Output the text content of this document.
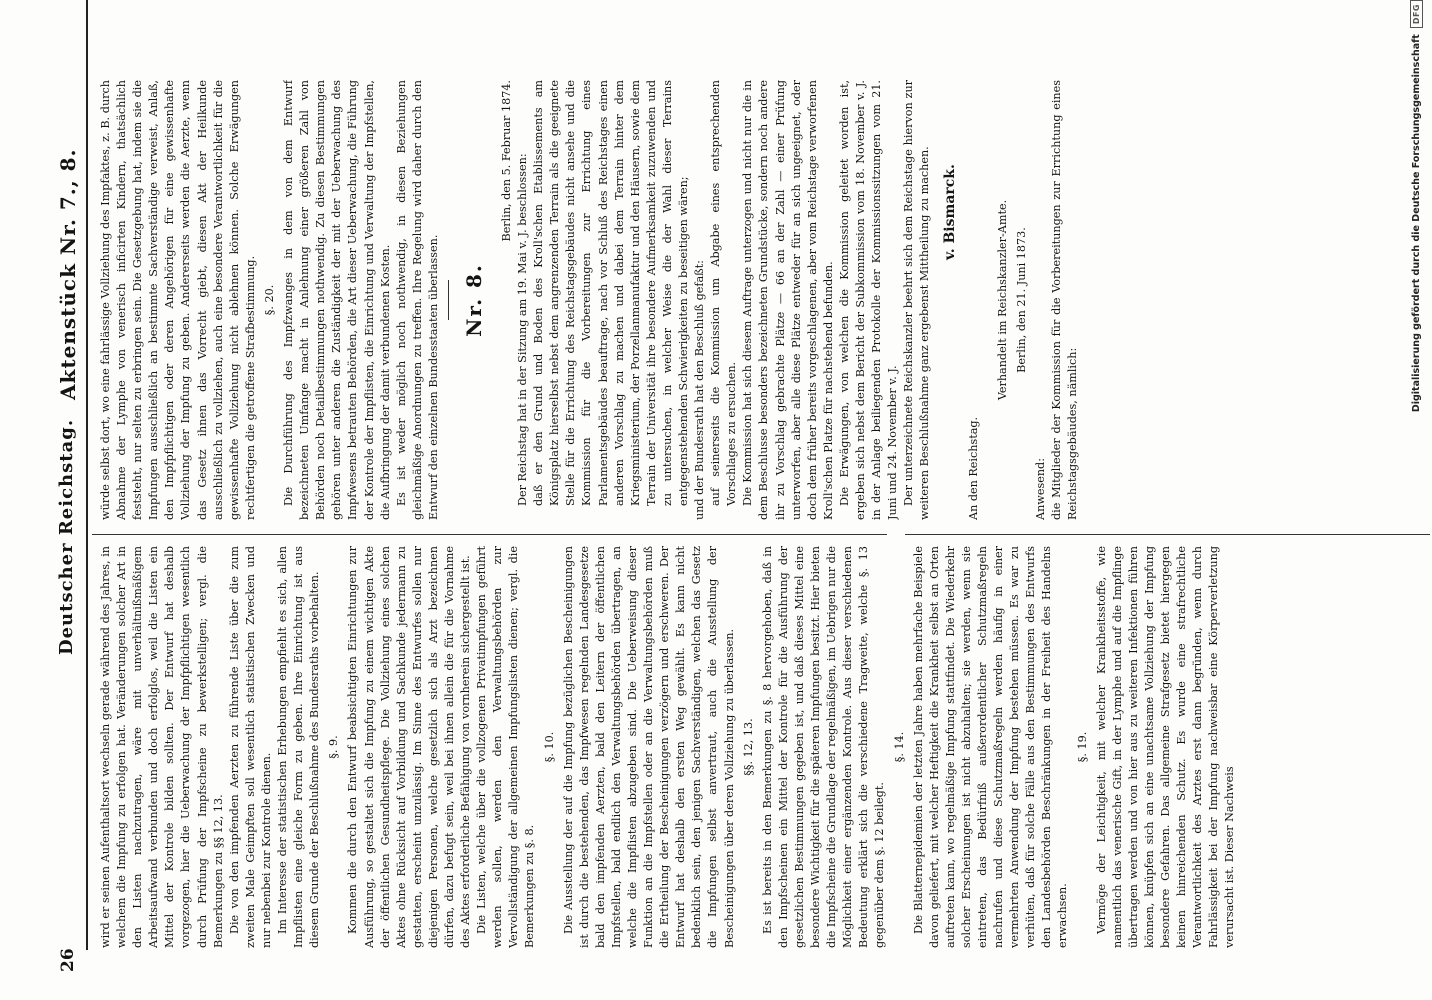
26
Deutscher Reichstag.
Aktenstück Nr. 7., 8.

wird er seinen Aufenthaltsort wechseln gerade während des Jahres, in welchem die Impfung zu erfolgen hat. Veränderungen solcher Art in den Listen nachzutragen, wäre mit unverhältnißmäßigem Arbeitsaufwand verbunden und doch erfolglos, weil die Listen ein Mittel der Kontrole bilden sollten. Der Entwurf hat deshalb vorgezogen, hier die Ueberwachung der Impfpflichtigen wesentlich durch Prüfung der Impfscheine zu bewerkstelligen; vergl. die Bemerkungen zu §§ 12, 13. Die von den impfenden Aerzten zu führende Liste über die zum zweiten Male Geimpften soll wesentlich statistischen Zwecken und nur nebenbei zur Kontrole dienen. Im Interesse der statistischen Erhebungen empfiehlt es sich, allen Impflisten eine gleiche Form zu geben. Ihre Einrichtung ist aus diesem Grunde der Beschlußnahme des Bundesraths vorbehalten. §. 9. Kommen die durch den Entwurf beabsichtigten Einrichtungen zur Ausführung, so gestaltet sich die Impfung zu einem wichtigen Akte der öffentlichen Gesundheitspflege. Die Vollziehung eines solchen Aktes ohne Rücksicht auf Vorbildung und Sachkunde jedermann zu gestatten, erscheint unzulässig. Im Sinne des Entwurfes sollen nur diejenigen Personen, welche gesetzlich sich als Arzt bezeichnen dürfen, dazu befugt sein, weil bei ihnen allein die für die Vornahme des Aktes erforderliche Befähigung von vornherein sichergestellt ist. Die Listen, welche über die vollzogenen Privatimpfungen geführt werden sollen, werden den Verwaltungsbehörden zur Vervollständigung der allgemeinen Impfungslisten dienen; vergl. die Bemerkungen zu §. 8.

§. 10. Die Ausstellung der auf die Impfung bezüglichen Bescheinigungen ist durch die bestehenden, das Impfwesen regelnden Landesgesetze bald den impfenden Aerzten, bald den Leitern der öffentlichen Impfstellen, bald endlich den Verwaltungsbehörden übertragen, an welche die Impflisten abzugeben sind. Die Ueberweisung dieser Funktion an die Impfstellen oder an die Verwaltungsbehörden muß die Ertheilung der Bescheinigungen verzögern und erschweren. Der Entwurf hat deshalb den ersten Weg gewählt. Es kann nicht bedenklich sein, den jenigen Sachverständigen, welchen das Gesetz die Impfungen selbst anvertraut, auch die Ausstellung der Bescheinigungen über deren Vollziehung zu überlassen. §§. 12, 13. Es ist bereits in den Bemerkungen zu §. 8 hervorgehoben, daß in den Impfscheinen ein Mittel der Kontrole für die Ausführung der gesetzlichen Bestimmungen gegeben ist, und daß dieses Mittel eine besondere Wichtigkeit für die späteren Impfungen besitzt. Hier bieten die Impfscheine die Grundlage der regelmäßigen, im Uebrigen nur die Möglichkeit einer ergänzenden Kontrole. Aus dieser verschiedenen Bedeutung erklärt sich die verschiedene Tragweite, welche §. 13 gegenüber dem §. 12 beilegt.

§. 14. Die Blatternepidemien der letzten Jahre haben mehrfache Beispiele davon geliefert, mit welcher Heftigkeit die Krankheit selbst an Orten auftreten kann, wo regelmäßige Impfung stattfindet. Die Wiederkehr solcher Erscheinungen ist nicht abzuhalten; sie werden, wenn sie eintreten, das Bedürfniß außerordentlicher Schutzmaßregeln nachrufen und diese Schutzmaßregeln werden häufig in einer vermehrten Anwendung der Impfung bestehen müssen. Es war zu verhüten, daß für solche Fälle aus den Bestimmungen des Entwurfs den Landesbehörden Beschränkungen in der Freiheit des Handelns erwachsen.

§. 19. Vermöge der Leichtigkeit, mit welcher Krankheitsstoffe, wie namentlich das venerische Gift, in der Lymphe und auf die Impflinge übertragen werden und von hier aus zu weiteren Infektionen führen können, knüpfen sich an eine unachtsame Vollziehung der Impfung besondere Gefahren. Das allgemeine Strafgesetz bietet hiergegen keinen hinreichenden Schutz. Es wurde eine strafrechtliche Verantwortlichkeit des Arztes erst dann begründen, wenn durch Fahrlässigkeit bei der Impfung nachweisbar eine Körperverletzung verursacht ist. Dieser Nachweis

würde selbst dort, wo eine fahrlässige Vollziehung des Impfaktes, z. B. durch Abnahme der Lymphe von venerisch inficirten Kindern, thatsächlich feststeht, nur selten zu erbringen sein. Die Gesetzgebung hat, indem sie die Impfungen ausschließlich an bestimmte Sachverständige verweist, Anlaß, den Impfpflichtigen oder deren Angehörigen für eine gewissenhafte Vollziehung der Impfung zu geben. Andererseits werden die Aerzte, wenn das Gesetz ihnen das Vorrecht giebt, diesen Akt der Heilkunde ausschließlich zu vollziehen, auch eine besondere Verantwortlichkeit für die gewissenhafte Vollziehung nicht ablehnen können. Solche Erwägungen rechtfertigen die getroffene Strafbestimmung. §. 20. Die Durchführung des Impfzwanges in dem von dem Entwurf bezeichneten Umfange macht in Anlehnung einer größeren Zahl von Behörden noch Detailbestimmungen nothwendig. Zu diesen Bestimmungen gehören unter anderen die Zuständigkeit der mit der Ueberwachung des Impfwesens betrauten Behörden, die Art dieser Ueberwachung, die Führung der Kontrole der Impflisten, die Einrichtung und Verwaltung der Impfstellen, die Aufbringung der damit verbundenen Kosten. Es ist weder möglich noch nothwendig, in diesen Beziehungen gleichmäßige Anordnungen zu treffen. Ihre Regelung wird daher durch den Entwurf den einzelnen Bundesstaaten überlassen. Nr. 8.

Berlin, den 5. Februar 1874. Der Reichstag hat in der Sitzung am 19. Mai v. J. beschlossen: daß er den Grund und Boden des Kroll'schen Etablissements am Königsplatz hierselbst nebst dem angrenzenden Terrain als die geeignete Stelle für die Errichtung des Reichstagsgebäudes nicht ansehe und die Kommission für die Vorbereitungen zur Errichtung eines Parlamentsgebäudes beauftrage, nach vor Schluß des Reichstages einen anderen Vorschlag zu machen und dabei dem Terrain hinter dem Kriegsministerium, der Porzellanmanufaktur und den Häusern, sowie dem Terrain der Universität ihre besondere Aufmerksamkeit zuzuwenden und zu untersuchen, in welcher Weise die der Wahl dieser Terrains entgegenstehenden Schwierigkeiten zu beseitigen wären; und der Bundesrath hat den Beschluß gefaßt: auf seinerseits die Kommission um Abgabe eines entsprechenden Vorschlages zu ersuchen. Die Kommission hat sich diesem Auftrage unterzogen und nicht nur die in dem Beschlusse besonders bezeichneten Grundstücke, sondern noch andere ihr zu Vorschlag gebrachte Plätze — 66 an der Zahl — einer Prüfung unterworfen, aber alle diese Plätze entweder für an sich ungeeignet, oder doch dem früher bereits vorgeschlagenen, aber vom Reichstage verworfenen Kroll'schen Platze für nachstehend befunden. Die Erwägungen, von welchen die Kommission geleitet worden ist, ergeben sich nebst dem Bericht der Subkommission vom 18. November v. J. in der Anlage beiliegenden Protokolle der Kommissionssitzungen vom 21. Juni und 24. November v. J. Der unterzeichnete Reichskanzler beehrt sich dem Reichstage hiervon zur weiteren Beschlußnahme ganz ergebenst Mittheilung zu machen. v. Bismarck.

An den Reichstag.

Verhandelt im Reichskanzler-Amte. Berlin, den 21. Juni 1873.

Anwesend: die Mitglieder der Kommission für die Vorbereitungen zur Errichtung eines Reichstagsgebäudes, nämlich:

Digitalisierung gefördert durch die Deutsche Forschungsgemeinschaft
DFG
